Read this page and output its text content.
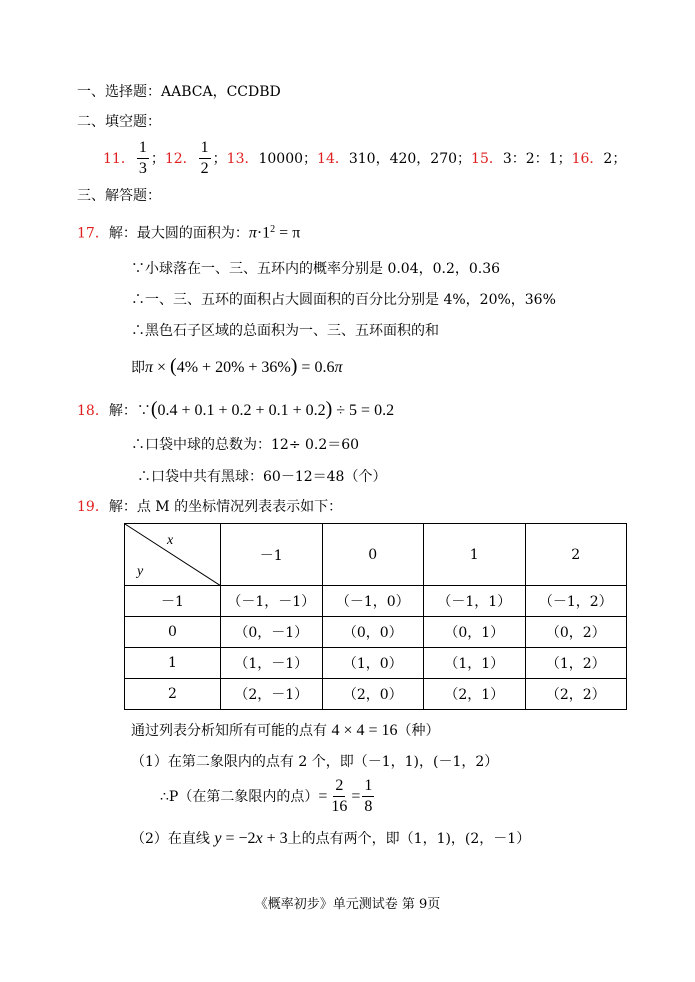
一、选择题：AABCA，CCDBD
二、填空题：
11． $\frac{1}{3}$ ； 12． $\frac{1}{2}$ ； 13． 10000； 14． 310，420，270； 15． 3：2：1； 16． 2；
三、解答题：
17．解：最大圆的面积为：$\pi\cdot 1^2 = \pi$
∵小球落在一、三、五环内的概率分别是 0.04，0.2，0.36
∴一、三、五环的面积占大圆面积的百分比分别是 4%，20%，36%
∴黑色石子区域的总面积为一、三、五环面积的和
即π × (4% + 20% + 36%) = 0.6π
18．解：∵(0.4 + 0.1 + 0.2 + 0.1 + 0.2) ÷ 5 = 0.2
∴口袋中球的总数为：12÷ 0.2＝60
∴口袋中共有黑球：60－12＝48（个）
19．解：点 M 的坐标情况列表表示如下：
x
y	－1	0	1	2
－1	（－1，－1）	（－1，0）	（－1，1）	（－1，2）
0	（0，－1）	（0，0）	（0，1）	（0，2）
1	（1，－1）	（1，0）	（1，1）	（1，2）
2	（2，－1）	（2，0）	（2，1）	（2，2）
通过列表分析知所有可能的点有 4 × 4 = 16（种）
（1）在第二象限内的点有 2 个，即（－1，1)，(－1，2）
∴P（在第二象限内的点） = $\frac{2}{16} = \frac{1}{8}$
（2）在直线 y = −2x + 3上的点有两个，即（1，1)，(2，－1）
《概率初步》单元测试卷 第 9页
